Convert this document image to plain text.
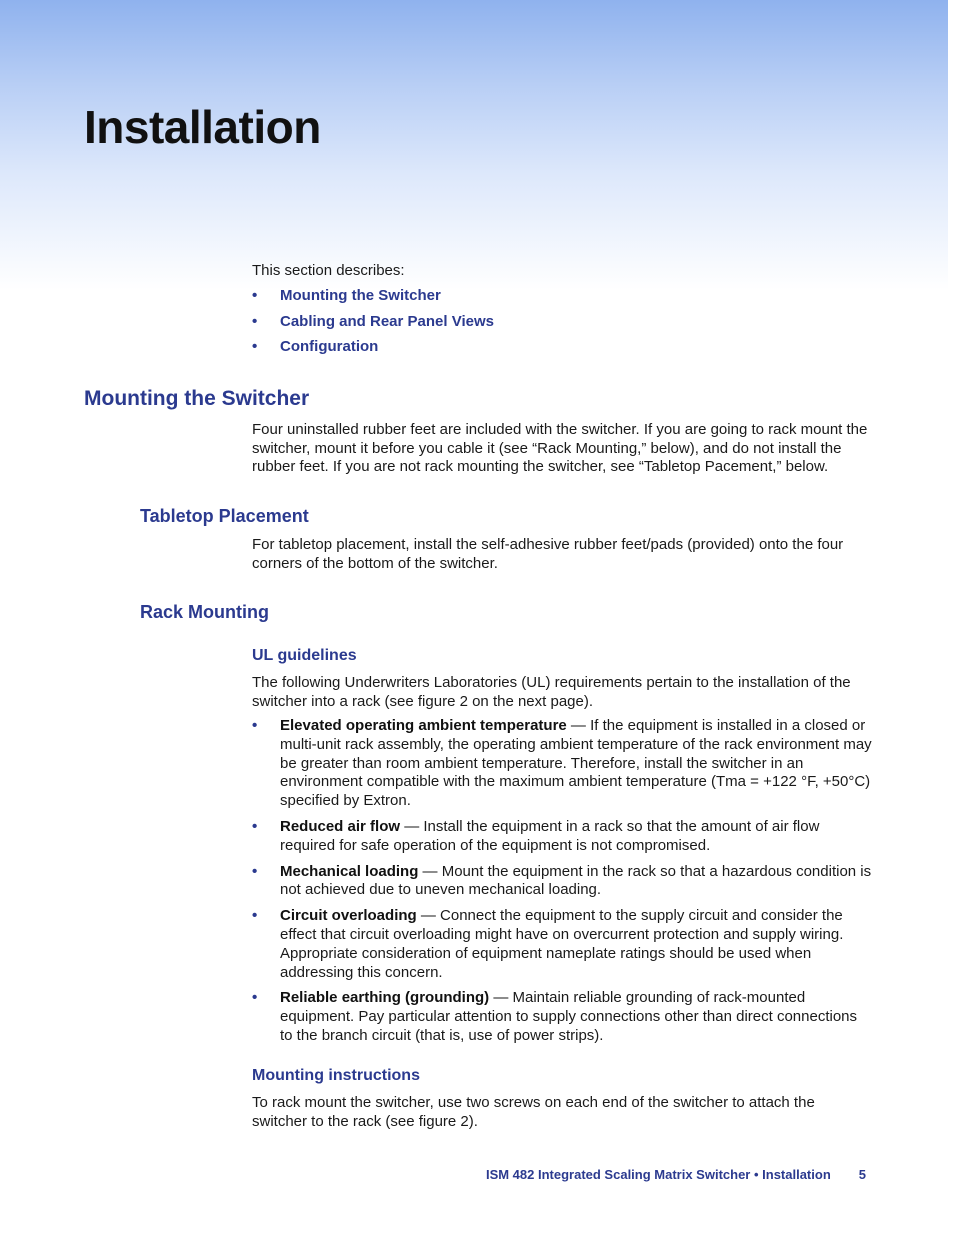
Installation

This section describes:

• Mounting the Switcher
• Cabling and Rear Panel Views
• Configuration
Mounting the Switcher

Four uninstalled rubber feet are included with the switcher. If you are going to rack mount the switcher, mount it before you cable it (see “Rack Mounting,” below), and do not install the rubber feet. If you are not rack mounting the switcher, see “Tabletop Pacement,” below.

Tabletop Placement

For tabletop placement, install the self-adhesive rubber feet/pads (provided) onto the four corners of the bottom of the switcher.

Rack Mounting
UL guidelines

The following Underwriters Laboratories (UL) requirements pertain to the installation of the switcher into a rack (see figure 2 on the next page).

• Elevated operating ambient temperature — If the equipment is installed in a closed or multi-unit rack assembly, the operating ambient temperature of the rack environment may be greater than room ambient temperature. Therefore, install the switcher in an environment compatible with the maximum ambient temperature (Tma = +122 °F, +50°C) specified by Extron.
• Reduced air flow — Install the equipment in a rack so that the amount of air flow required for safe operation of the equipment is not compromised.
• Mechanical loading — Mount the equipment in the rack so that a hazardous condition is not achieved due to uneven mechanical loading.
• Circuit overloading — Connect the equipment to the supply circuit and consider the effect that circuit overloading might have on overcurrent protection and supply wiring. Appropriate consideration of equipment nameplate ratings should be used when addressing this concern.
• Reliable earthing (grounding) — Maintain reliable grounding of rack-mounted equipment. Pay particular attention to supply connections other than direct connections to the branch circuit (that is, use of power strips).
Mounting instructions

To rack mount the switcher, use two screws on each end of the switcher to attach the switcher to the rack (see figure 2).

ISM 482 Integrated Scaling Matrix Switcher • Installation 5
